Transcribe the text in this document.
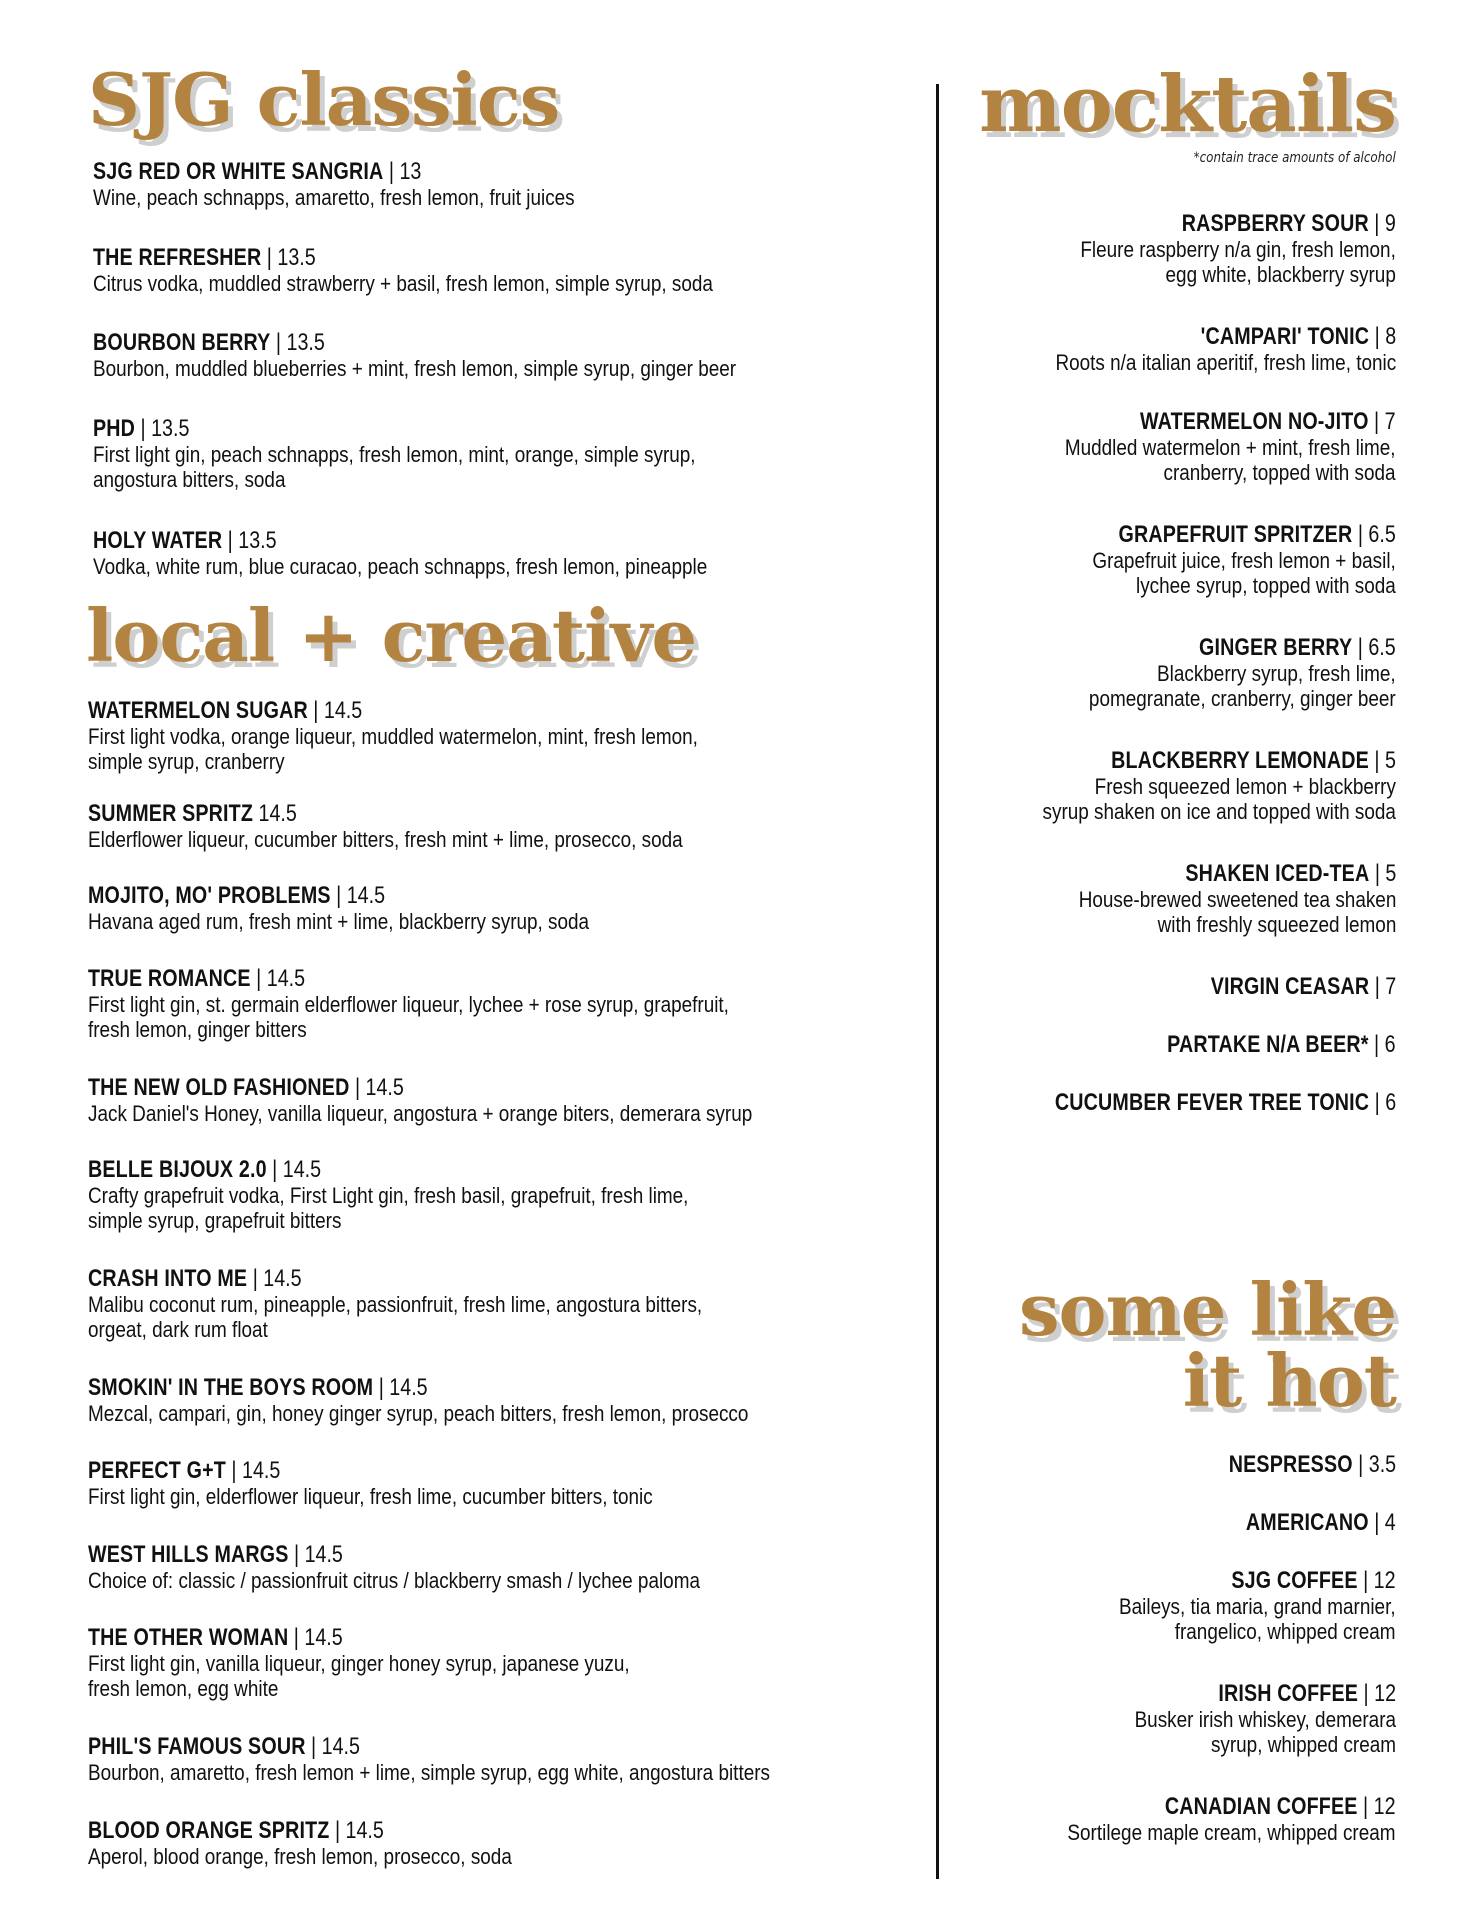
SJG classics
SJG RED OR WHITE SANGRIA | 13
Wine, peach schnapps, amaretto, fresh lemon, fruit juices
THE REFRESHER | 13.5
Citrus vodka, muddled strawberry + basil, fresh lemon, simple syrup, soda
BOURBON BERRY | 13.5
Bourbon, muddled blueberries + mint, fresh lemon, simple syrup, ginger beer
PHD | 13.5
First light gin, peach schnapps, fresh lemon, mint, orange, simple syrup,
angostura bitters, soda
HOLY WATER | 13.5
Vodka, white rum, blue curacao, peach schnapps, fresh lemon, pineapple
local + creative
WATERMELON SUGAR | 14.5
First light vodka, orange liqueur, muddled watermelon, mint, fresh lemon,
simple syrup, cranberry
SUMMER SPRITZ 14.5
Elderflower liqueur, cucumber bitters, fresh mint + lime, prosecco, soda
MOJITO, MO' PROBLEMS | 14.5
Havana aged rum, fresh mint + lime, blackberry syrup, soda
TRUE ROMANCE | 14.5
First light gin, st. germain elderflower liqueur, lychee + rose syrup, grapefruit,
fresh lemon, ginger bitters
THE NEW OLD FASHIONED | 14.5
Jack Daniel's Honey, vanilla liqueur, angostura + orange biters, demerara syrup
BELLE BIJOUX 2.0 | 14.5
Crafty grapefruit vodka, First Light gin, fresh basil, grapefruit, fresh lime,
simple syrup, grapefruit bitters
CRASH INTO ME | 14.5
Malibu coconut rum, pineapple, passionfruit, fresh lime, angostura bitters,
orgeat, dark rum float
SMOKIN' IN THE BOYS ROOM | 14.5
Mezcal, campari, gin, honey ginger syrup, peach bitters, fresh lemon, prosecco
PERFECT G+T | 14.5
First light gin, elderflower liqueur, fresh lime, cucumber bitters, tonic
WEST HILLS MARGS | 14.5
Choice of: classic / passionfruit citrus / blackberry smash / lychee paloma
THE OTHER WOMAN | 14.5
First light gin, vanilla liqueur, ginger honey syrup, japanese yuzu,
fresh lemon, egg white
PHIL'S FAMOUS SOUR | 14.5
Bourbon, amaretto, fresh lemon + lime, simple syrup, egg white, angostura bitters
BLOOD ORANGE SPRITZ | 14.5
Aperol, blood orange, fresh lemon, prosecco, soda
mocktails
*contain trace amounts of alcohol
RASPBERRY SOUR | 9
Fleure raspberry n/a gin, fresh lemon,
egg white, blackberry syrup
'CAMPARI' TONIC | 8
Roots n/a italian aperitif, fresh lime, tonic
WATERMELON NO-JITO | 7
Muddled watermelon + mint, fresh lime,
cranberry, topped with soda
GRAPEFRUIT SPRITZER | 6.5
Grapefruit juice, fresh lemon + basil,
lychee syrup, topped with soda
GINGER BERRY | 6.5
Blackberry syrup, fresh lime,
pomegranate, cranberry, ginger beer
BLACKBERRY LEMONADE | 5
Fresh squeezed lemon + blackberry
syrup shaken on ice and topped with soda
SHAKEN ICED-TEA | 5
House-brewed sweetened tea shaken
with freshly squeezed lemon
VIRGIN CEASAR | 7
PARTAKE N/A BEER* | 6
CUCUMBER FEVER TREE TONIC | 6
some like
it hot
NESPRESSO | 3.5
AMERICANO | 4
SJG COFFEE | 12
Baileys, tia maria, grand marnier,
frangelico, whipped cream
IRISH COFFEE | 12
Busker irish whiskey, demerara
syrup, whipped cream
CANADIAN COFFEE | 12
Sortilege maple cream, whipped cream
